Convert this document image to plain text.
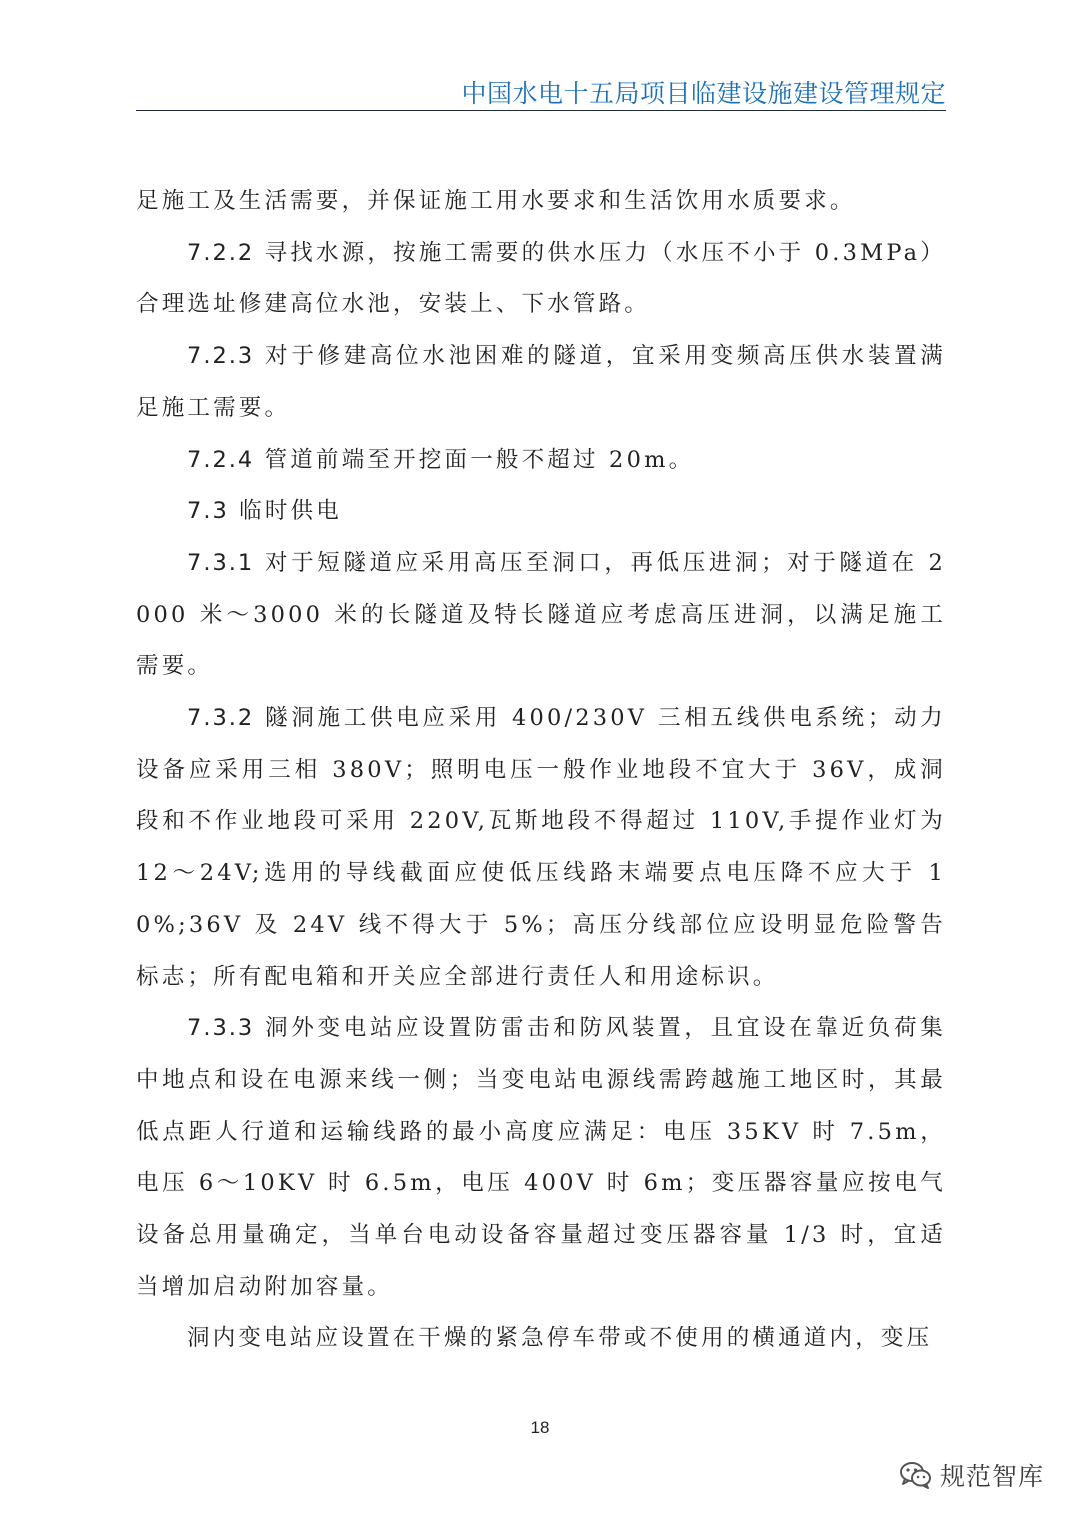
中国水电十五局项目临建设施建设管理规定

足施工及生活需要，并保证施工用水要求和生活饮用水质要求。

7.2.2 寻找水源，按施工需要的供水压力（水压不小于 0.3MPa）合理选址修建高位水池，安装上、下水管路。

7.2.3 对于修建高位水池困难的隧道，宜采用变频高压供水装置满足施工需要。

7.2.4 管道前端至开挖面一般不超过 20m。

7.3 临时供电

7.3.1 对于短隧道应采用高压至洞口，再低压进洞；对于隧道在 2000 米～3000 米的长隧道及特长隧道应考虑高压进洞，以满足施工需要。

7.3.2 隧洞施工供电应采用 400/230V 三相五线供电系统；动力设备应采用三相 380V；照明电压一般作业地段不宜大于 36V，成洞段和不作业地段可采用 220V,瓦斯地段不得超过 110V,手提作业灯为 12～24V;选用的导线截面应使低压线路末端要点电压降不应大于 10%;36V 及 24V 线不得大于 5%；高压分线部位应设明显危险警告标志；所有配电箱和开关应全部进行责任人和用途标识。

7.3.3 洞外变电站应设置防雷击和防风装置，且宜设在靠近负荷集中地点和设在电源来线一侧；当变电站电源线需跨越施工地区时，其最低点距人行道和运输线路的最小高度应满足：电压 35KV 时 7.5m，电压 6～10KV 时 6.5m，电压 400V 时 6m；变压器容量应按电气设备总用量确定，当单台电动设备容量超过变压器容量 1/3 时，宜适当增加启动附加容量。

洞内变电站应设置在干燥的紧急停车带或不使用的横通道内，变压

18
规范智库
